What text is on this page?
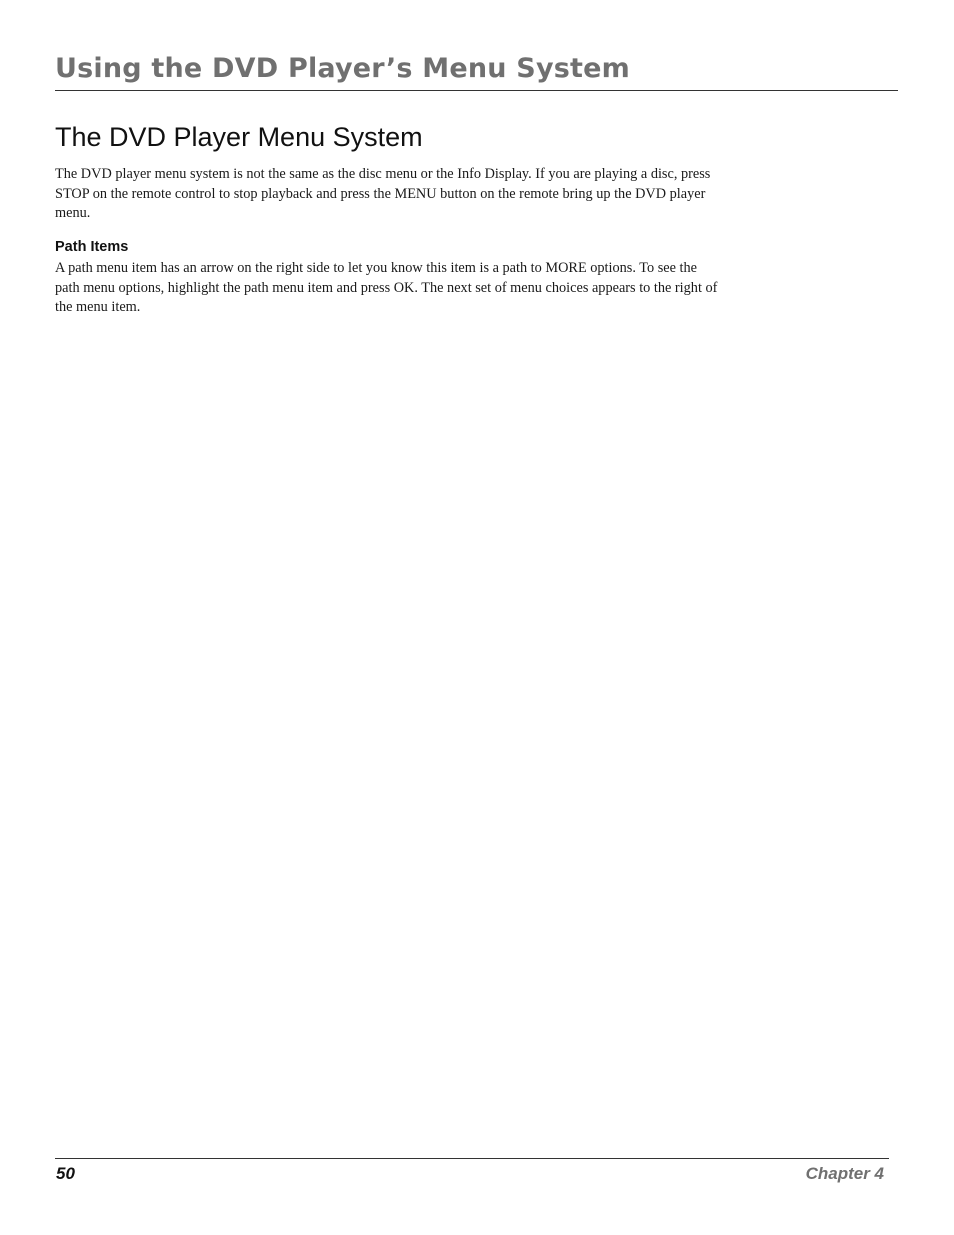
Using the DVD Player’s Menu System
The DVD Player Menu System

The DVD player menu system is not the same as the disc menu or the Info Display. If you are playing a disc, press STOP on the remote control to stop playback and press the MENU button on the remote bring up the DVD player menu.

Path Items

A path menu item has an arrow on the right side to let you know this item is a path to MORE options. To see the path menu options, highlight the path menu item and press OK. The next set of menu choices appears to the right of the menu item.

50	Chapter 4
